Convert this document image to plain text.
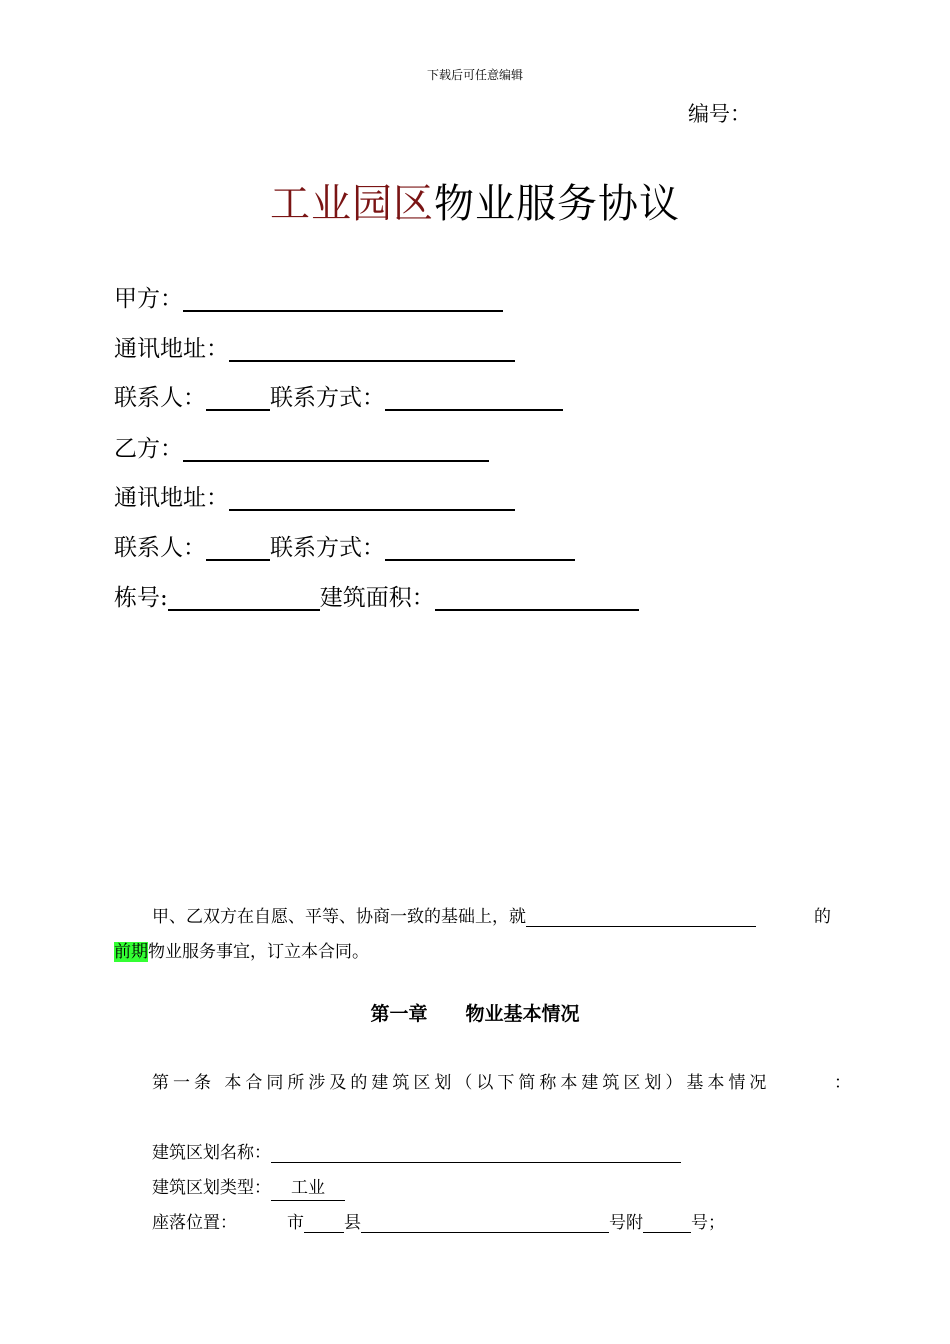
下载后可任意编辑
编号：
工业园区物业服务协议
甲方：
通讯地址：
联系人：	联系方式：
乙方：
通讯地址：
联系人：	联系方式：
栋号:	建筑面积：
甲、乙双方在自愿、平等、协商一致的基础上，就	的
前期物业服务事宜，订立本合同。
第一章 物业基本情况
第一条 本合同所涉及的建筑区划（以下简称本建筑区划）基本情况	：
建筑区划名称：
建筑区划类型： 工业
座落位置：	市 县	号附	号；
